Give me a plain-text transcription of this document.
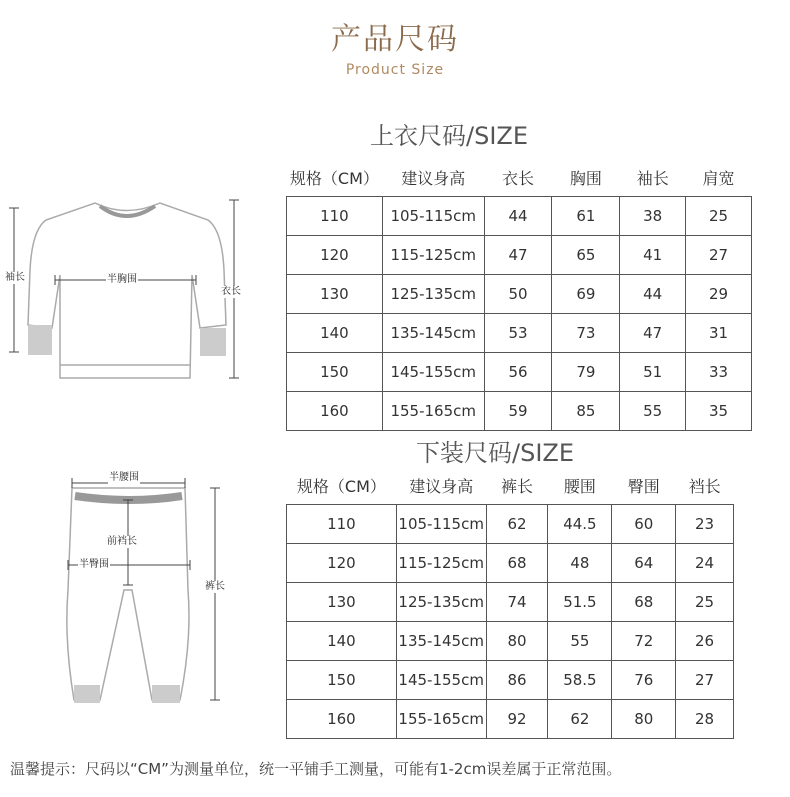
产品尺码
Product Size
袖长	半胸围
衣长
半腰围
前裆长
半臀围
裤长
上衣尺码/SIZE
规格（CM）	建议身高	衣长	胸围	袖长	肩宽
110	105-115cm	44	61	38	25
120	115-125cm	47	65	41	27
130	125-135cm	50	69	44	29
140	135-145cm	53	73	47	31
150	145-155cm	56	79	51	33
160	155-165cm	59	85	55	35
下装尺码/SIZE
规格（CM）	建议身高	裤长	腰围	臀围	裆长
110	105-115cm	62	44.5	60	23
120	115-125cm	68	48	64	24
130	125-135cm	74	51.5	68	25
140	135-145cm	80	55	72	26
150	145-155cm	86	58.5	76	27
160	155-165cm	92	62	80	28
温馨提示：尺码以“CM”为测量单位，统一平铺手工测量，可能有1-2cm误差属于正常范围。
